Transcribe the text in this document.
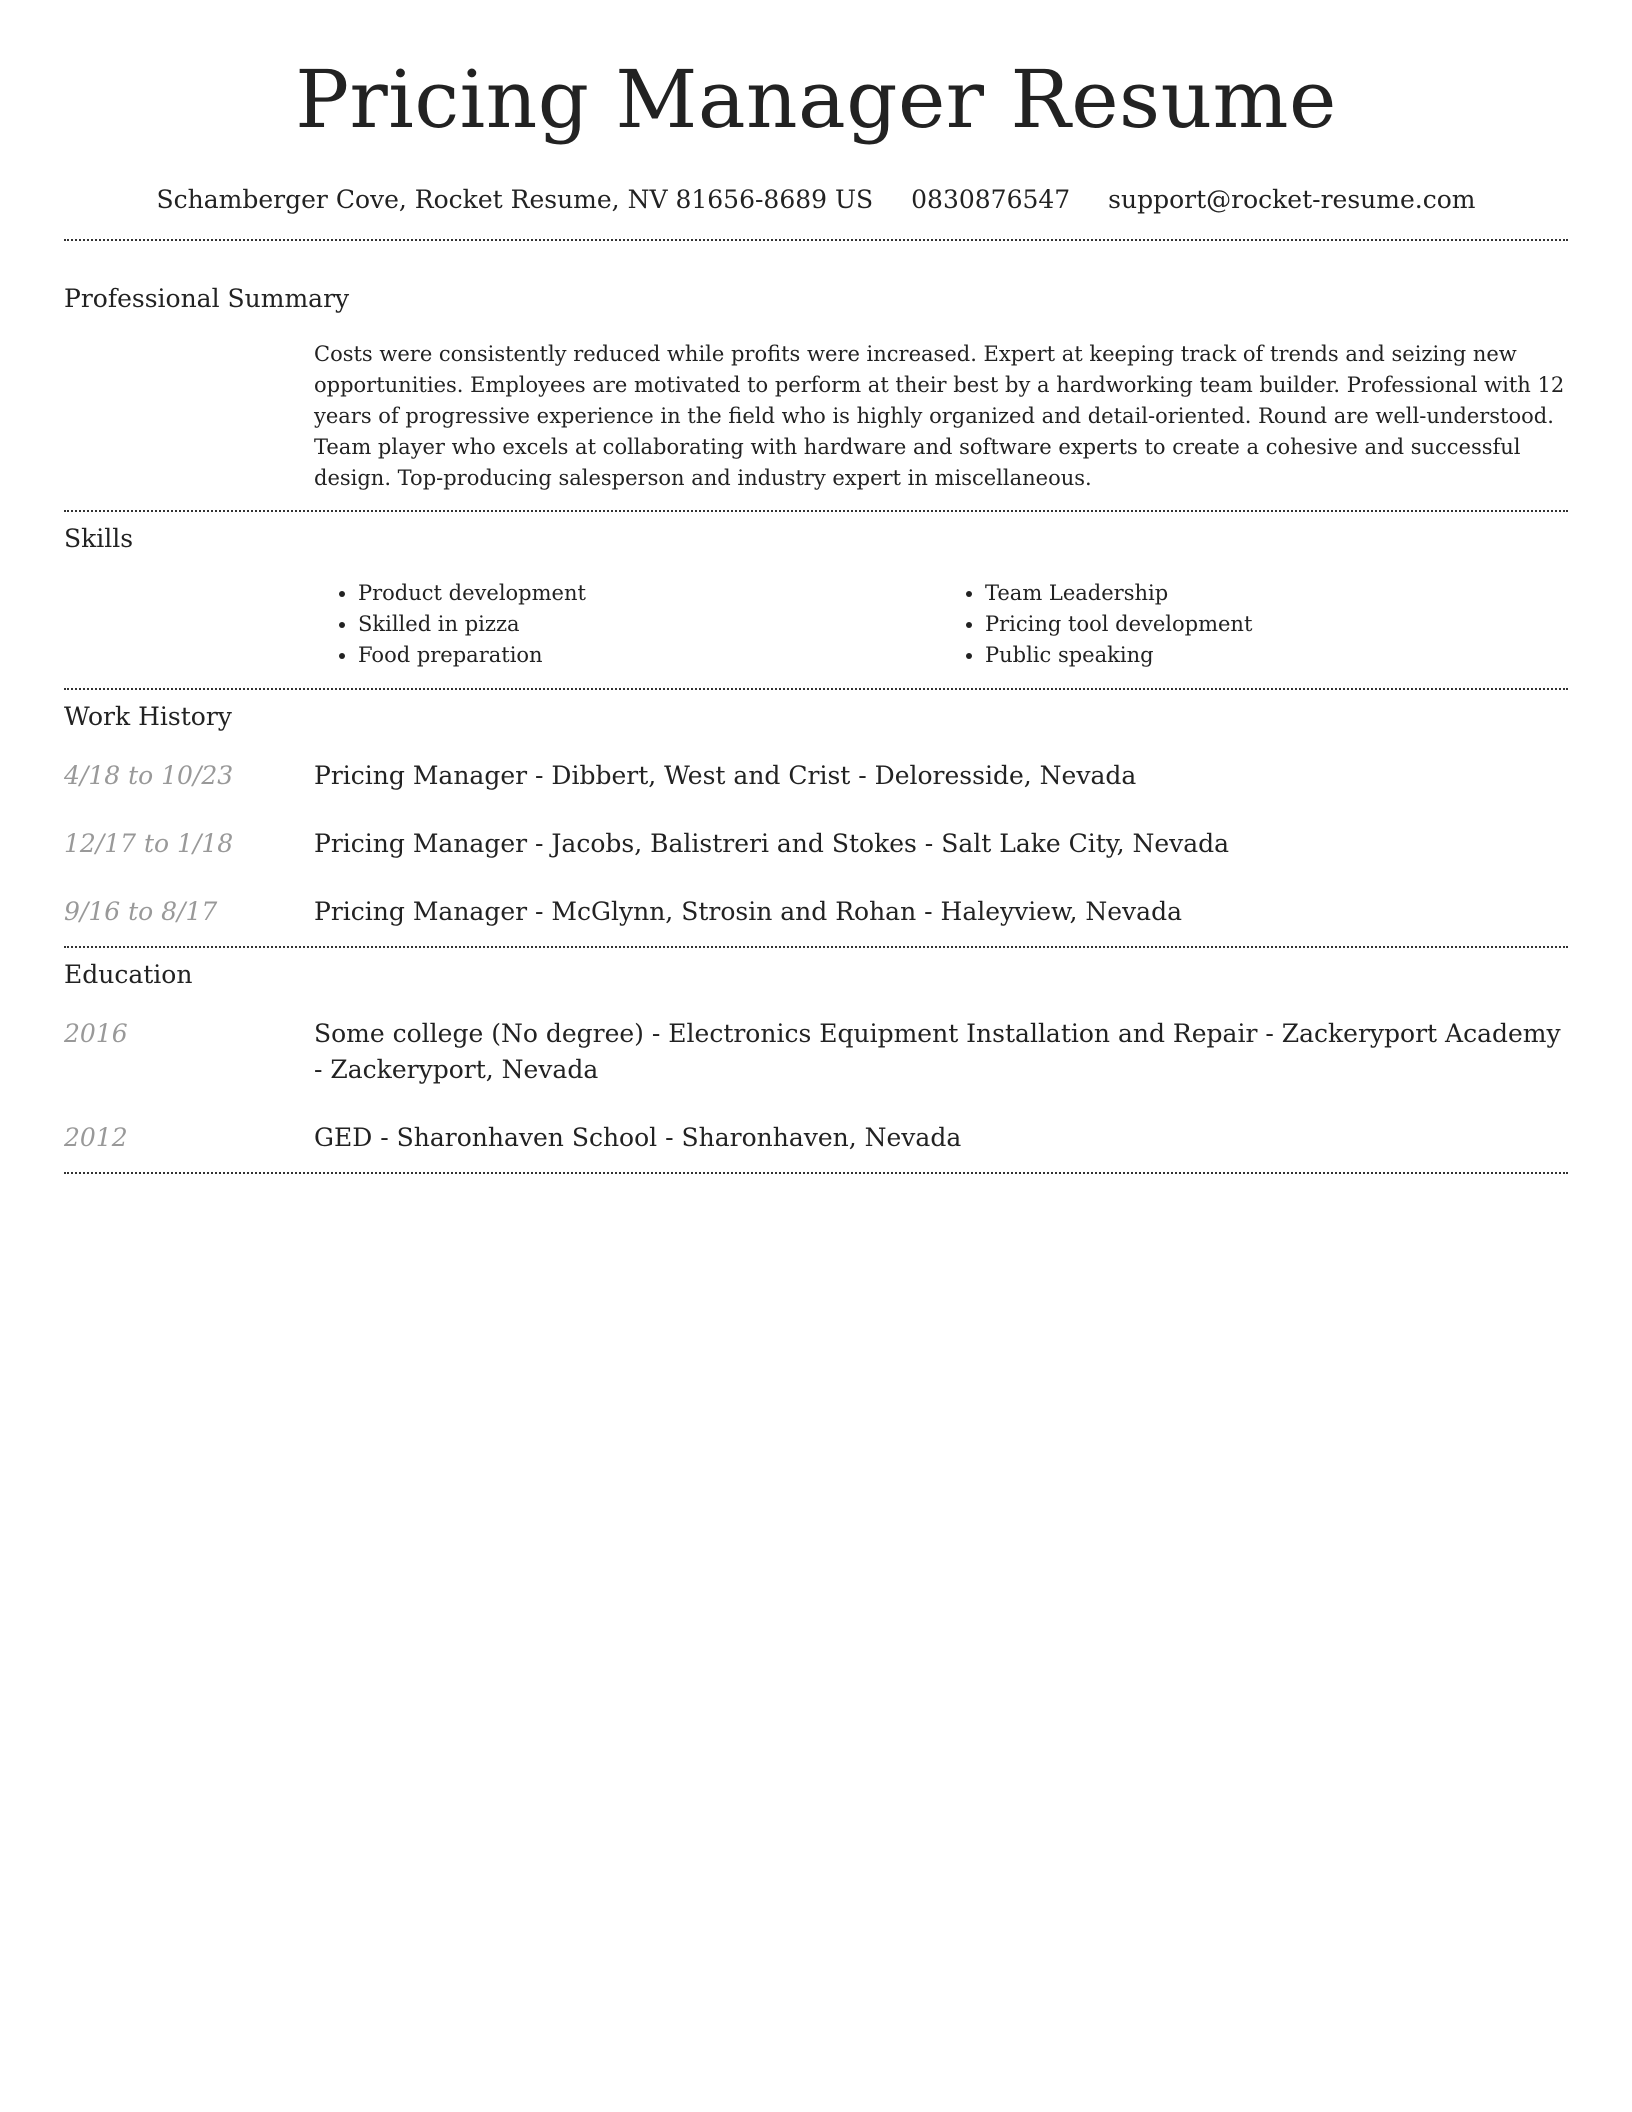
Pricing Manager Resume
Schamberger Cove, Rocket Resume, NV 81656-8689 US 0830876547 support@rocket-resume.com
Professional Summary
Costs were consistently reduced while profits were increased. Expert at keeping track of trends and seizing new opportunities. Employees are motivated to perform at their best by a hardworking team builder. Professional with 12 years of progressive experience in the field who is highly organized and detail-oriented. Round are well-understood. Team player who excels at collaborating with hardware and software experts to create a cohesive and successful design. Top-producing salesperson and industry expert in miscellaneous.
Skills
• Product development
• Skilled in pizza
• Food preparation
• Team Leadership
• Pricing tool development
• Public speaking
Work History
4/18 to 10/23	Pricing Manager - Dibbert, West and Crist - Deloresside, Nevada
12/17 to 1/18	Pricing Manager - Jacobs, Balistreri and Stokes - Salt Lake City, Nevada
9/16 to 8/17	Pricing Manager - McGlynn, Strosin and Rohan - Haleyview, Nevada
Education
2016	Some college (No degree) - Electronics Equipment Installation and Repair - Zackeryport Academy - Zackeryport, Nevada
2012	GED - Sharonhaven School - Sharonhaven, Nevada
